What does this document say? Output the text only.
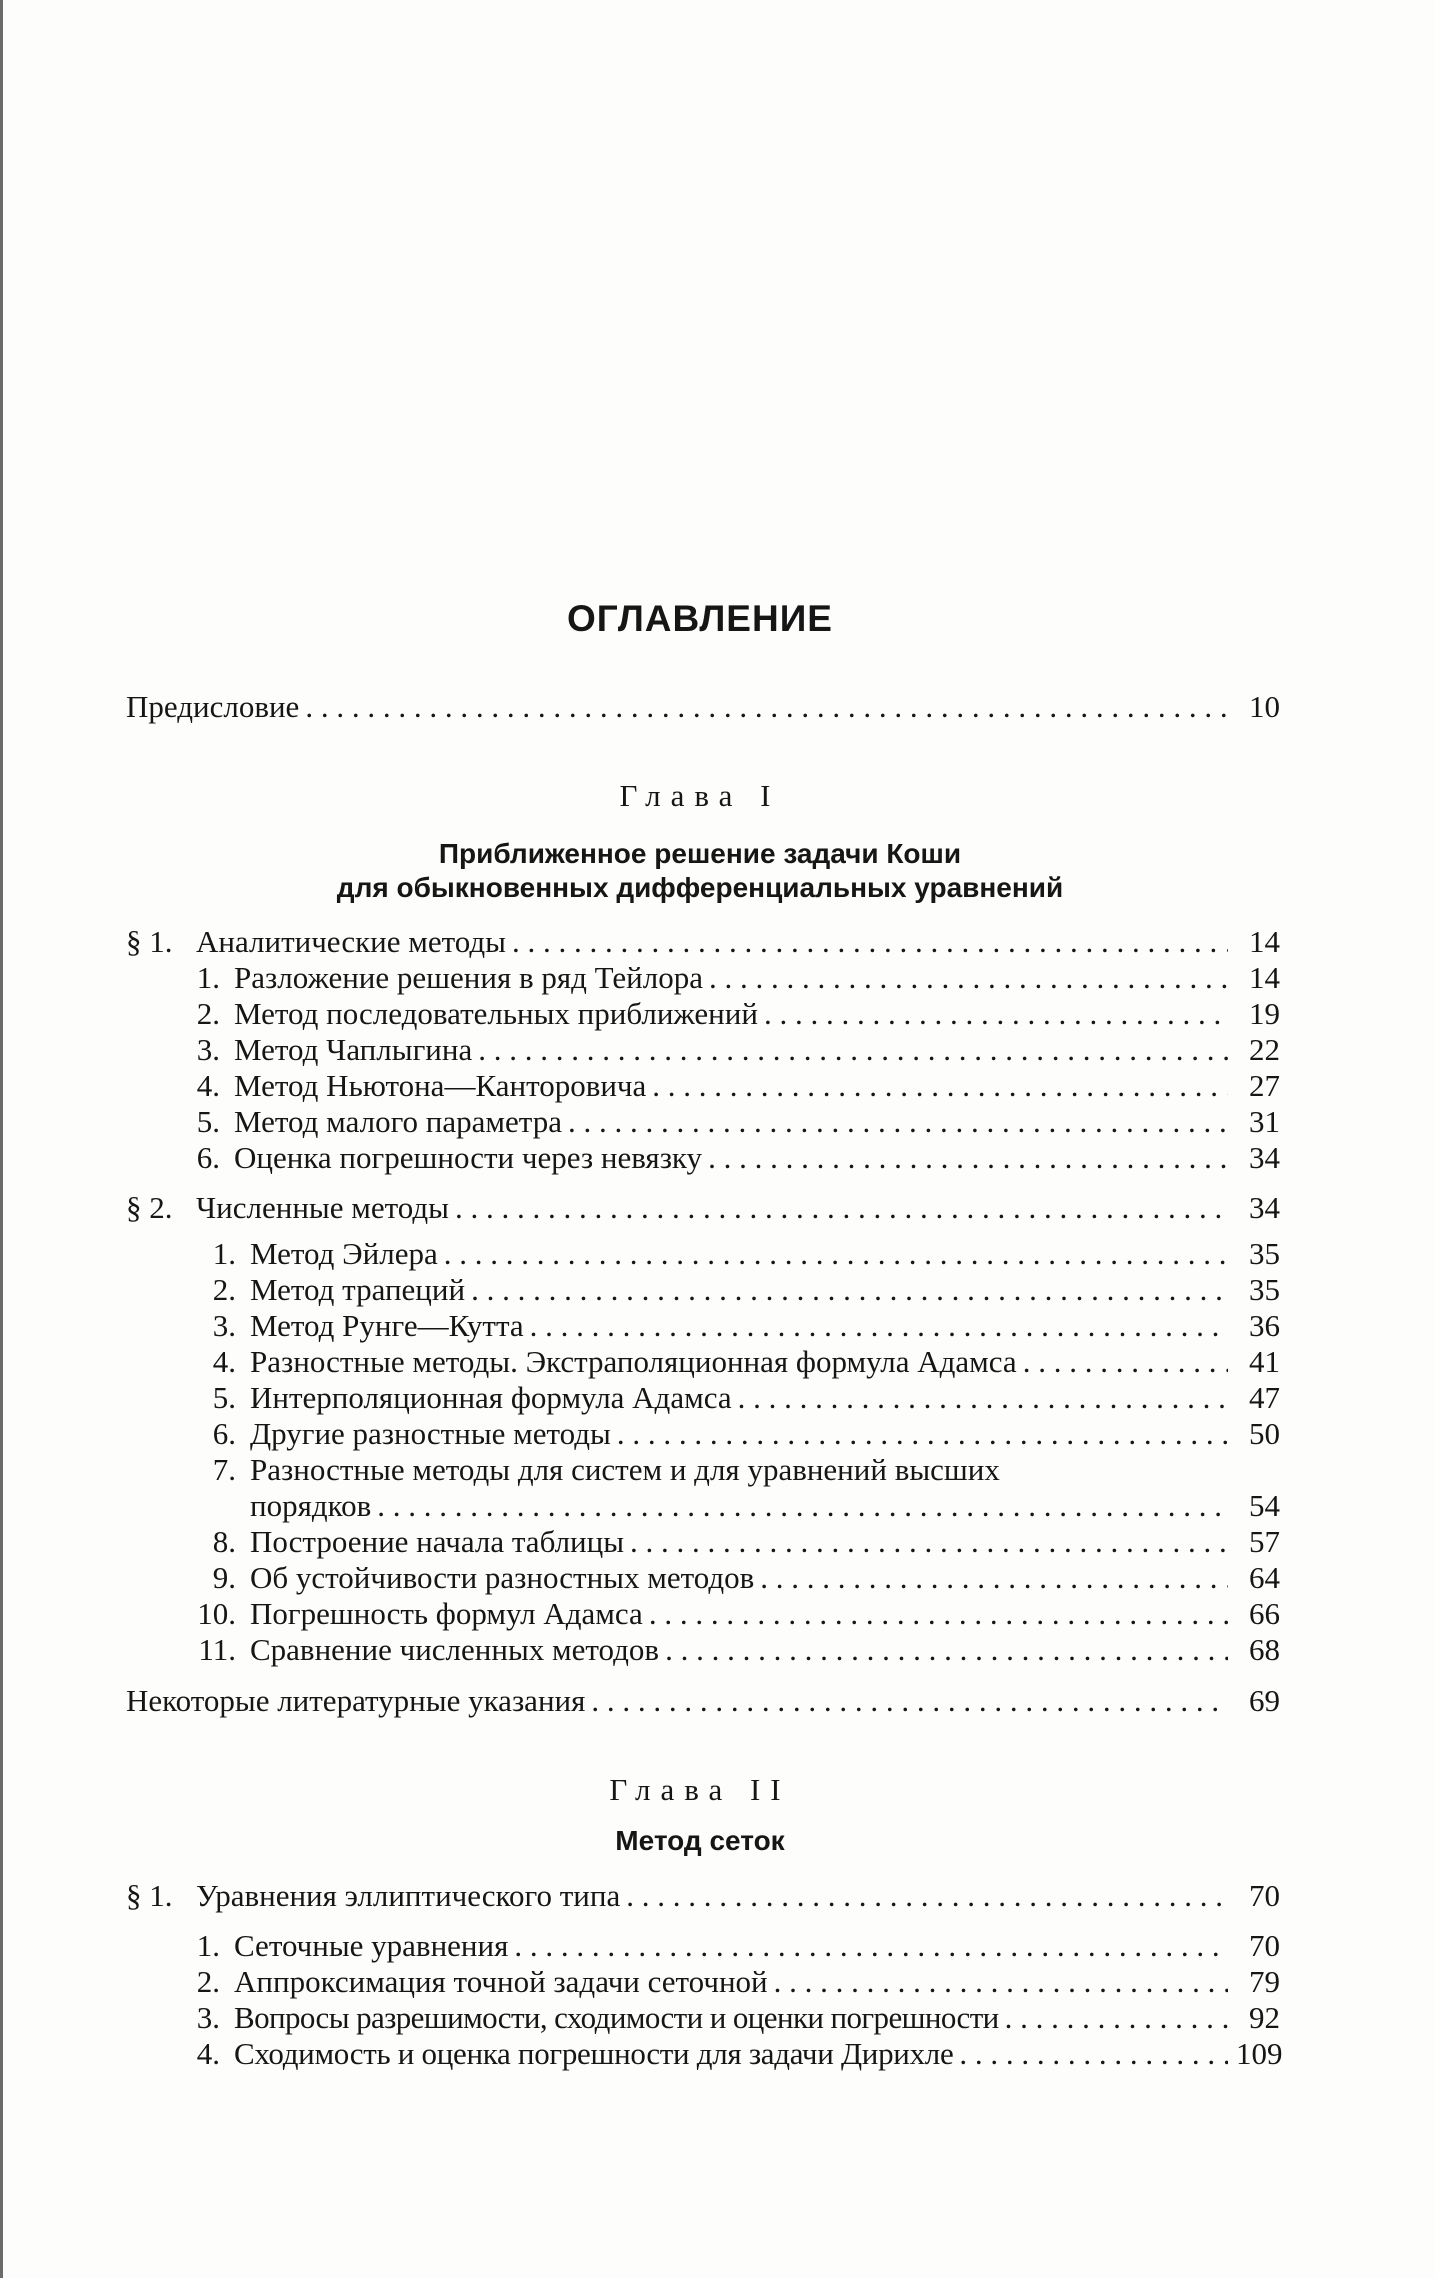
ОГЛАВЛЕНИЕ
Предисловие . . .	10
Глава I
Приближенное решение задачи Коши
для обыкновенных дифференциальных уравнений
§ 1. Аналитические методы . . .	14
1. Разложение решения в ряд Тейлора . . .	14
2. Метод последовательных приближений . . .	19
3. Метод Чаплыгина . . .	22
4. Метод Ньютона—Канторовича . . .	27
5. Метод малого параметра . . .	31
6. Оценка погрешности через невязку . . .	34
§ 2. Численные методы . . .	34
1. Метод Эйлера . . .	35
2. Метод трапеций . . .	35
3. Метод Рунге—Кутта . . .	36
4. Разностные методы. Экстраполяционная формула Адамса . . .	41
5. Интерполяционная формула Адамса . . .	47
6. Другие разностные методы . . .	50
7. Разностные методы для систем и для уравнений высших
порядков . . .	54
8. Построение начала таблицы . . .	57
9. Об устойчивости разностных методов . . .	64
10. Погрешность формул Адамса . . .	66
11. Сравнение численных методов . . .	68
Некоторые литературные указания . . .	69
Глава II
Метод сеток
§ 1. Уравнения эллиптического типа . . .	70
1. Сеточные уравнения . . .	70
2. Аппроксимация точной задачи сеточной . . .	79
3. Вопросы разрешимости, сходимости и оценки погрешности . . .	92
4. Сходимость и оценка погрешности для задачи Дирихле . . .	109
